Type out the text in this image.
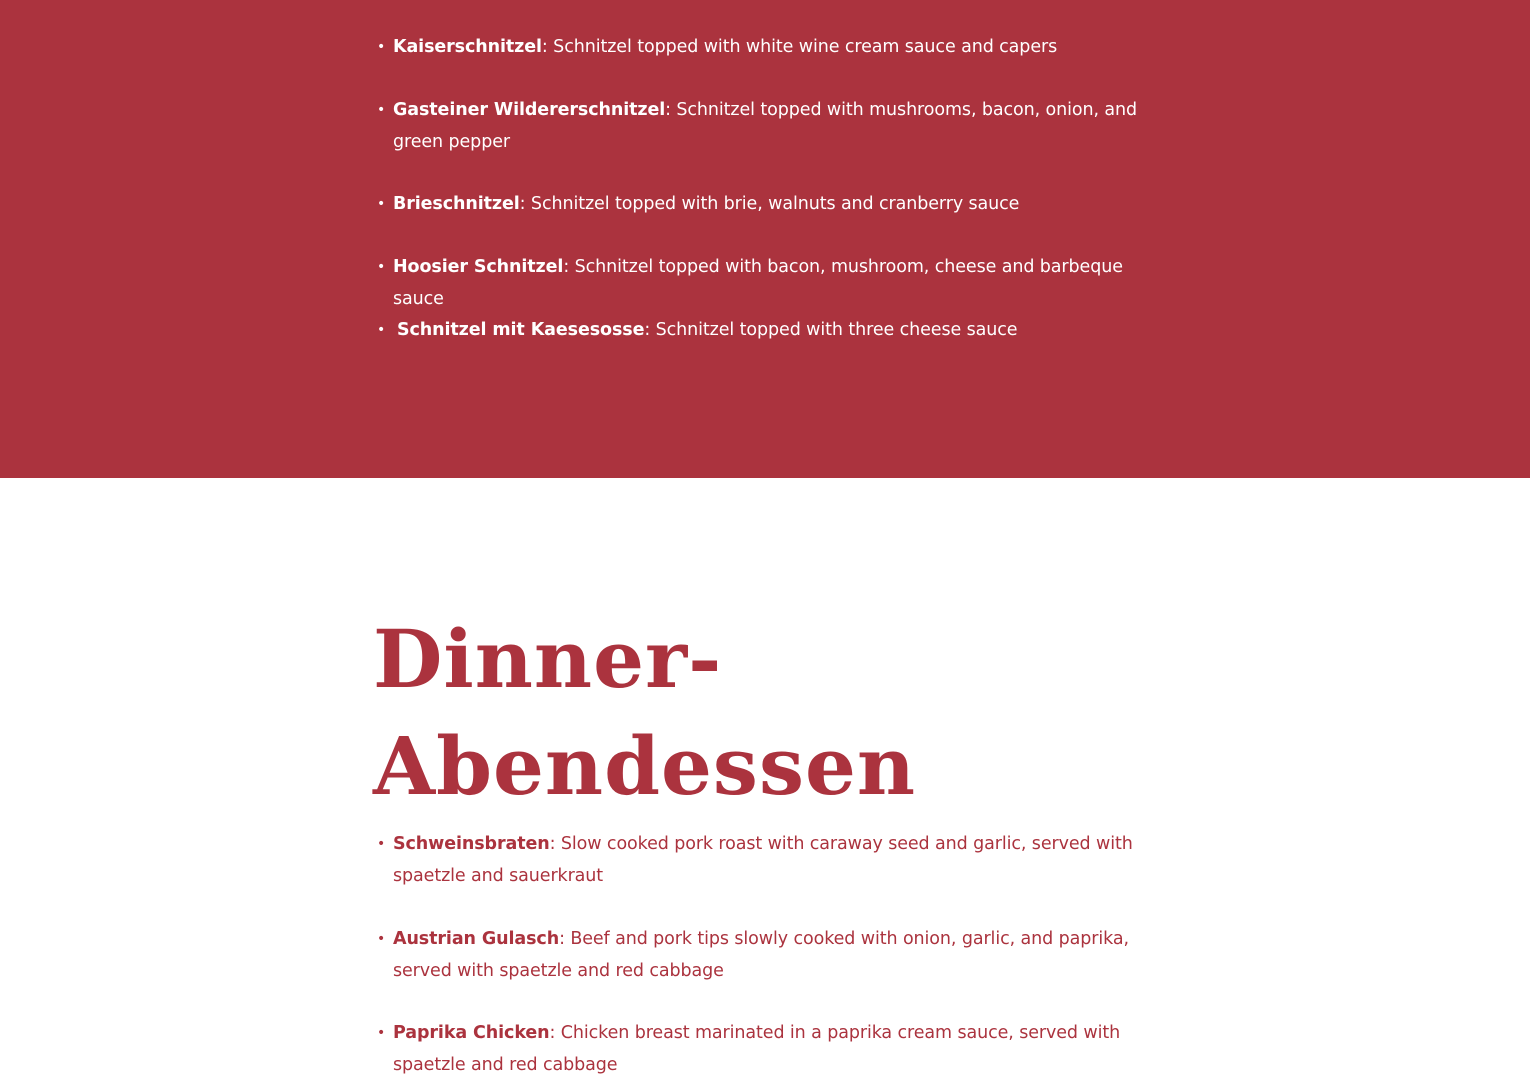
• Kaiserschnitzel: Schnitzel topped with white wine cream sauce and capers
• Gasteiner Wildererschnitzel: Schnitzel topped with mushrooms, bacon, onion, and green pepper
• Brieschnitzel: Schnitzel topped with brie, walnuts and cranberry sauce
• Hoosier Schnitzel: Schnitzel topped with bacon, mushroom, cheese and barbeque sauce
• Schnitzel mit Kaesesosse: Schnitzel topped with three cheese sauce
Dinner-
Abendessen
• Schweinsbraten: Slow cooked pork roast with caraway seed and garlic, served with spaetzle and sauerkraut
• Austrian Gulasch: Beef and pork tips slowly cooked with onion, garlic, and paprika, served with spaetzle and red cabbage
• Paprika Chicken: Chicken breast marinated in a paprika cream sauce, served with spaetzle and red cabbage
